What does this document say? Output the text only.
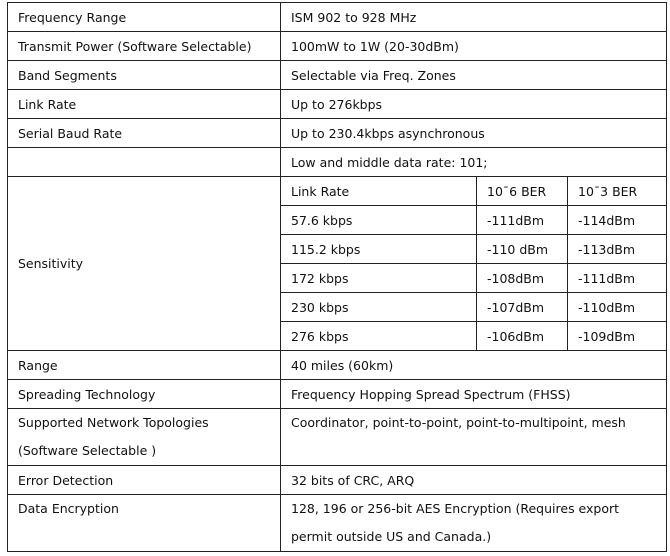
Frequency Range	ISM 902 to 928 MHz		
Transmit Power (Software Selectable)	100mW to 1W (20-30dBm)		
Band Segments	Selectable via Freq. Zones		
Link Rate	Up to 276kbps		
Serial Baud Rate	Up to 230.4kbps asynchronous		
	Low and middle data rate: 101;		
Sensitivity	Link Rate	10¯6 BER	10¯3 BER
	57.6 kbps	-111dBm	-114dBm
	115.2 kbps	-110 dBm	-113dBm
	172 kbps	-108dBm	-111dBm
	230 kbps	-107dBm	-110dBm
	276 kbps	-106dBm	-109dBm
Range	40 miles (60km)		
Spreading Technology	Frequency Hopping Spread Spectrum (FHSS)		
Supported Network Topologies (Software Selectable )	Coordinator, point-to-point, point-to-multipoint, mesh		
Error Detection	32 bits of CRC, ARQ		
Data Encryption	128, 196 or 256-bit AES Encryption (Requires export permit outside US and Canada.)		
